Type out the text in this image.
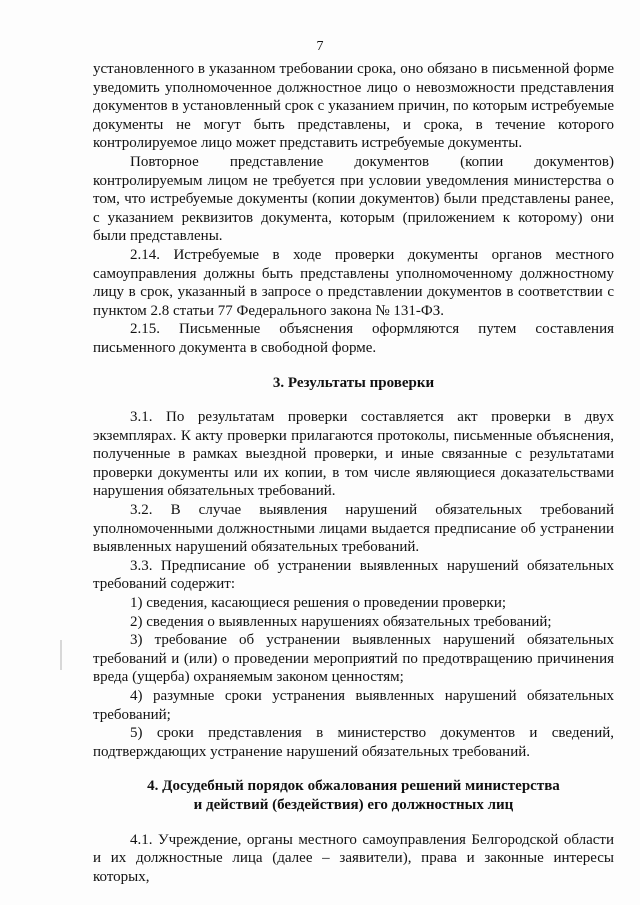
7

установленного в указанном требовании срока, оно обязано в письменной форме уведомить уполномоченное должностное лицо о невозможности представления документов в установленный срок с указанием причин, по которым истребуемые документы не могут быть представлены, и срока, в течение которого контролируемое лицо может представить истребуемые документы.

Повторное представление документов (копии документов) контролируемым лицом не требуется при условии уведомления министерства о том, что истребуемые документы (копии документов) были представлены ранее, с указанием реквизитов документа, которым (приложением к которому) они были представлены.

2.14. Истребуемые в ходе проверки документы органов местного самоуправления должны быть представлены уполномоченному должностному лицу в срок, указанный в запросе о представлении документов в соответствии с пунктом 2.8 статьи 77 Федерального закона № 131-ФЗ.

2.15. Письменные объяснения оформляются путем составления письменного документа в свободной форме.

3. Результаты проверки

3.1. По результатам проверки составляется акт проверки в двух экземплярах. К акту проверки прилагаются протоколы, письменные объяснения, полученные в рамках выездной проверки, и иные связанные с результатами проверки документы или их копии, в том числе являющиеся доказательствами нарушения обязательных требований.

3.2. В случае выявления нарушений обязательных требований уполномоченными должностными лицами выдается предписание об устранении выявленных нарушений обязательных требований.

3.3. Предписание об устранении выявленных нарушений обязательных требований содержит:

1) сведения, касающиеся решения о проведении проверки;

2) сведения о выявленных нарушениях обязательных требований;

3) требование об устранении выявленных нарушений обязательных требований и (или) о проведении мероприятий по предотвращению причинения вреда (ущерба) охраняемым законом ценностям;

4) разумные сроки устранения выявленных нарушений обязательных требований;

5) сроки представления в министерство документов и сведений, подтверждающих устранение нарушений обязательных требований.

4. Досудебный порядок обжалования решений министерства

и действий (бездействия) его должностных лиц

4.1. Учреждение, органы местного самоуправления Белгородской области и их должностные лица (далее – заявители), права и законные интересы которых,
